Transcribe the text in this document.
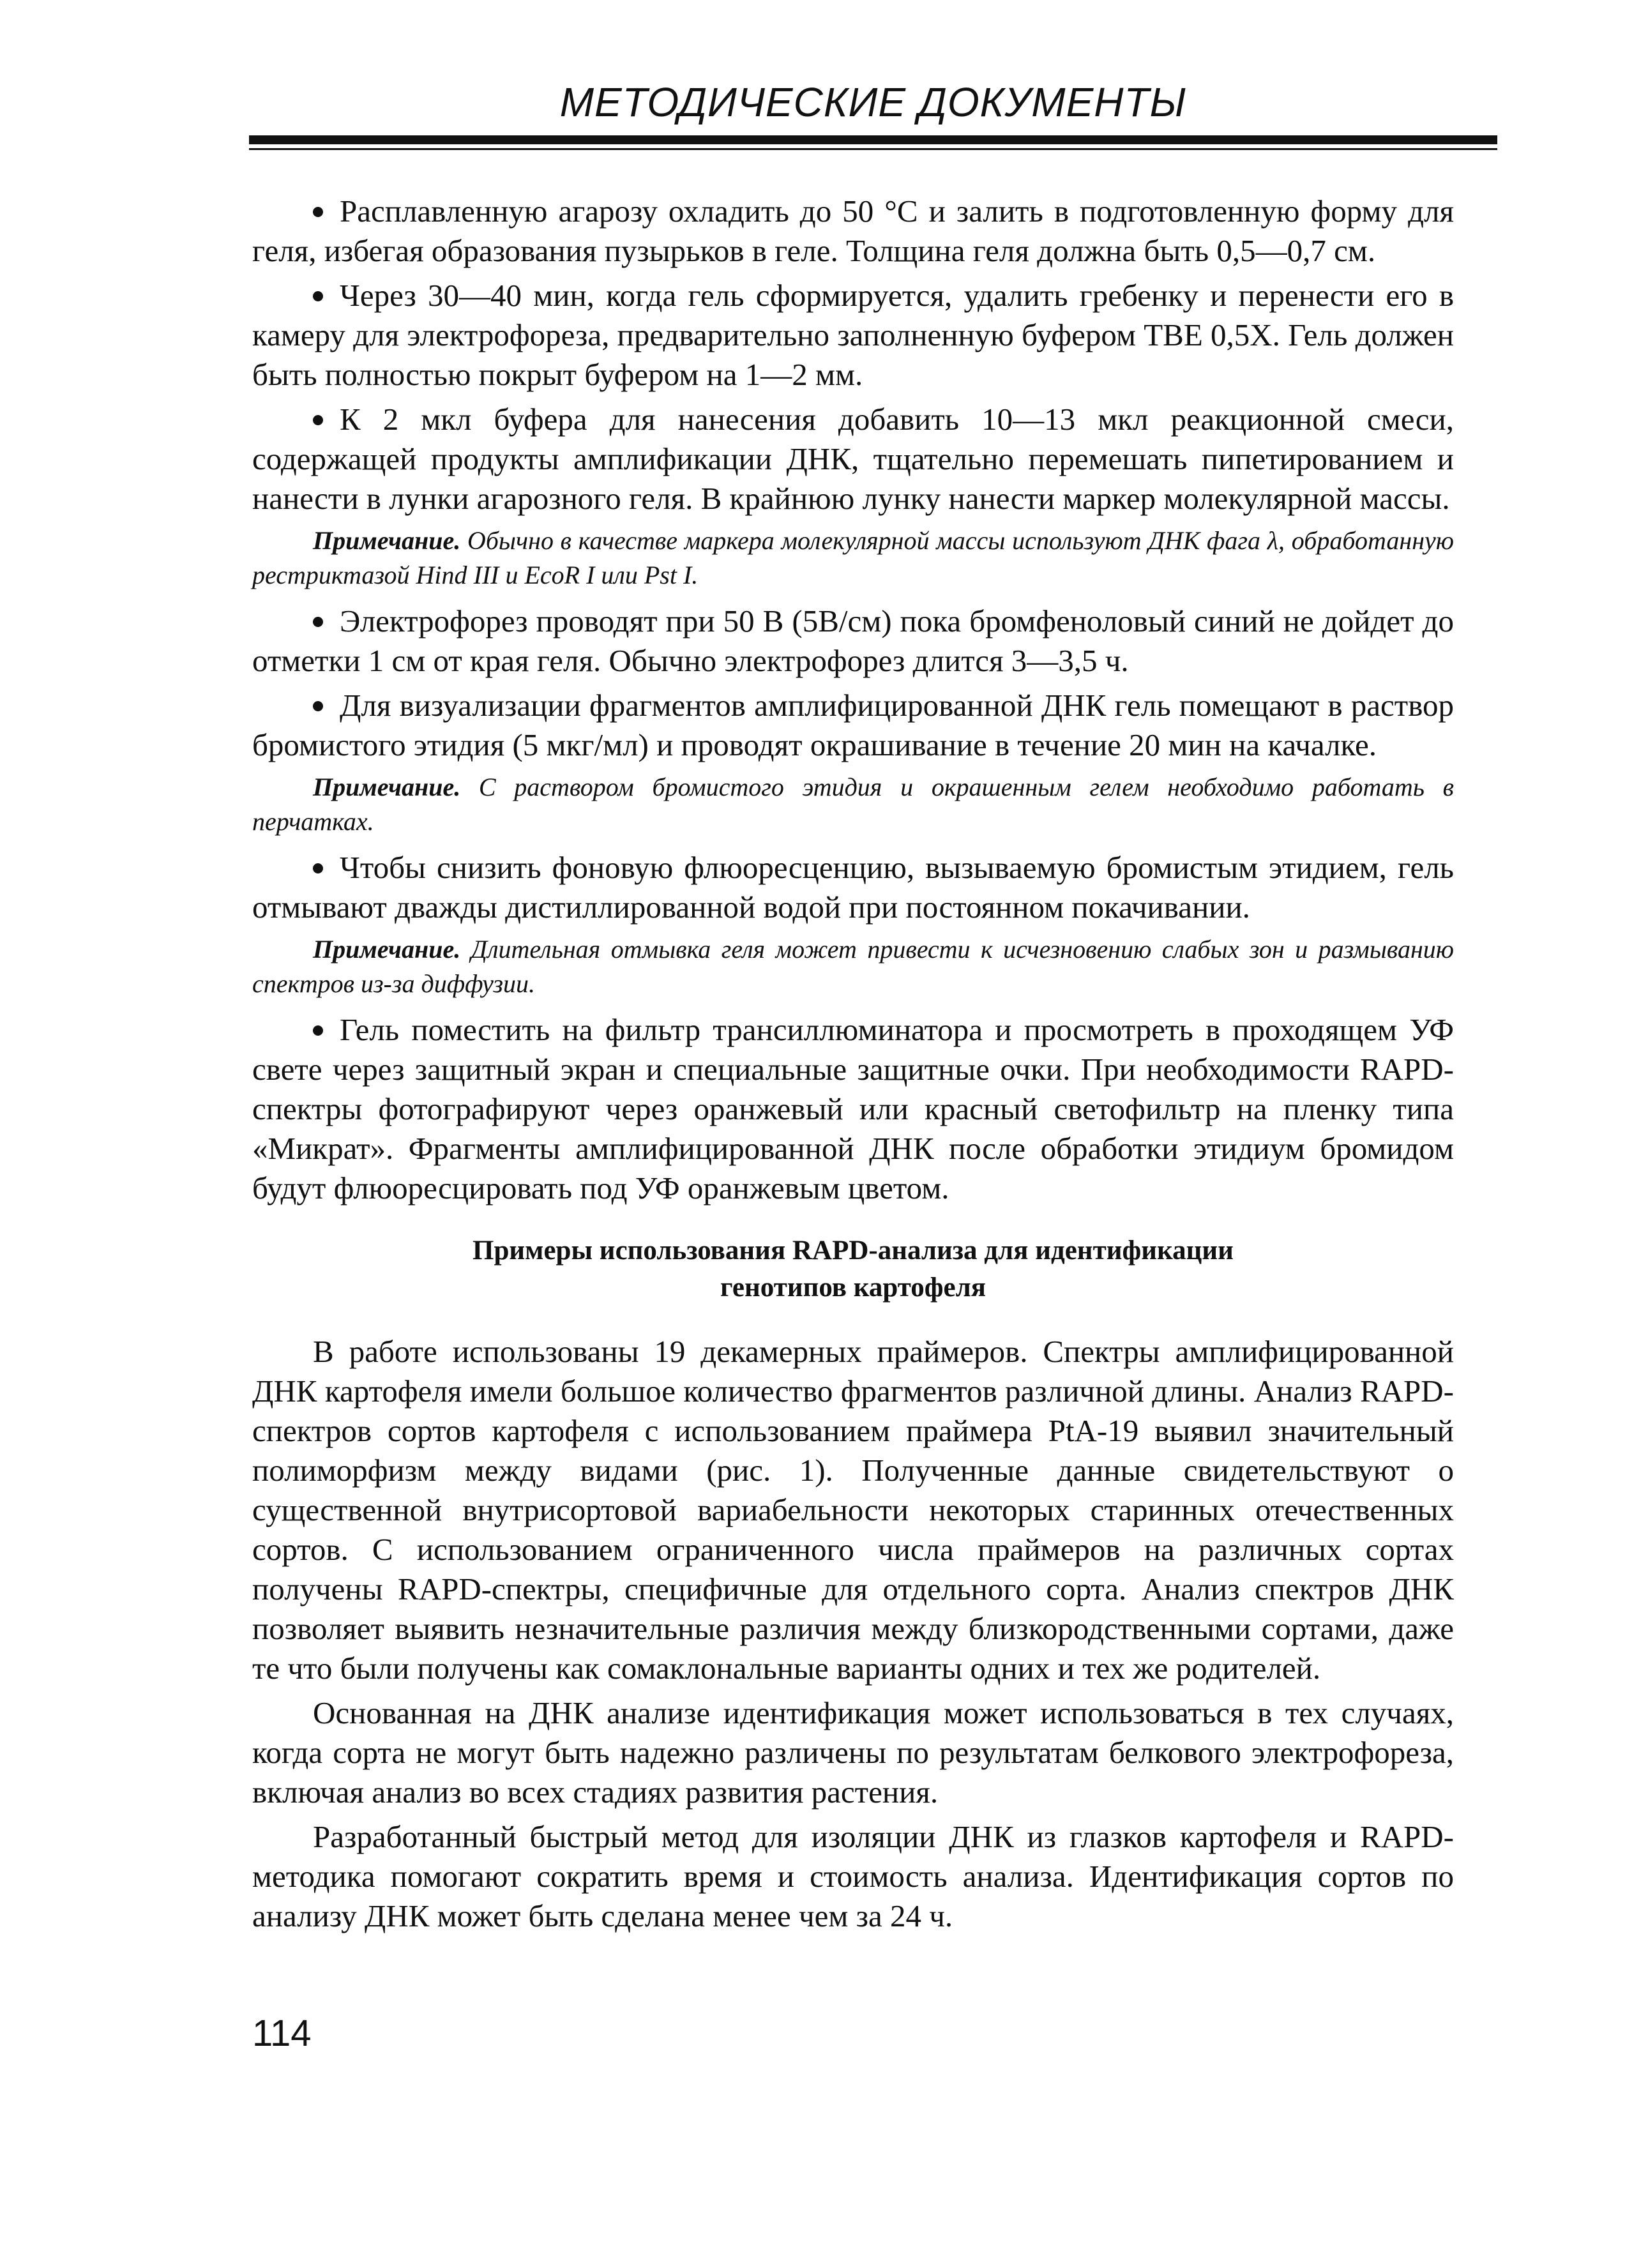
МЕТОДИЧЕСКИЕ ДОКУМЕНТЫ

Расплавленную агарозу охладить до 50 °С и залить в подготовленную форму для геля, избегая образования пузырьков в геле. Толщина геля должна быть 0,5—0,7 см.

Через 30—40 мин, когда гель сформируется, удалить гребенку и перенести его в камеру для электрофореза, предварительно заполненную буфером ТВЕ 0,5Х. Гель должен быть полностью покрыт буфером на 1—2 мм.

К 2 мкл буфера для нанесения добавить 10—13 мкл реакционной смеси, содержащей продукты амплификации ДНК, тщательно перемешать пипетированием и нанести в лунки агарозного геля. В крайнюю лунку нанести маркер молекулярной массы.

Примечание. Обычно в качестве маркера молекулярной массы используют ДНК фага λ, обработанную рестриктазой Hind III и EcoR I или Pst I.

Электрофорез проводят при 50 В (5В/см) пока бромфеноловый синий не дойдет до отметки 1 см от края геля. Обычно электрофорез длится 3—3,5 ч.

Для визуализации фрагментов амплифицированной ДНК гель помещают в раствор бромистого этидия (5 мкг/мл) и проводят окрашивание в течение 20 мин на качалке.

Примечание. С раствором бромистого этидия и окрашенным гелем необходимо работать в перчатках.

Чтобы снизить фоновую флюоресценцию, вызываемую бромистым этидием, гель отмывают дважды дистиллированной водой при постоянном покачивании.

Примечание. Длительная отмывка геля может привести к исчезновению слабых зон и размыванию спектров из-за диффузии.

Гель поместить на фильтр трансиллюминатора и просмотреть в проходящем УФ свете через защитный экран и специальные защитные очки. При необходимости RAPD-спектры фотографируют через оранжевый или красный светофильтр на пленку типа «Микрат». Фрагменты амплифицированной ДНК после обработки этидиум бромидом будут флюоресцировать под УФ оранжевым цветом.

Примеры использования RAPD-анализа для идентификации
генотипов картофеля

В работе использованы 19 декамерных праймеров. Спектры амплифицированной ДНК картофеля имели большое количество фрагментов различной длины. Анализ RAPD-спектров сортов картофеля с использованием праймера PtA-19 выявил значительный полиморфизм между видами (рис. 1). Полученные данные свидетельствуют о существенной внутрисортовой вариабельности некоторых старинных отечественных сортов. С использованием ограниченного числа праймеров на различных сортах получены RAPD-спектры, специфичные для отдельного сорта. Анализ спектров ДНК позволяет выявить незначительные различия между близкородственными сортами, даже те что были получены как сомаклональные варианты одних и тех же родителей.

Основанная на ДНК анализе идентификация может использоваться в тех случаях, когда сорта не могут быть надежно различены по результатам белкового электрофореза, включая анализ во всех стадиях развития растения.

Разработанный быстрый метод для изоляции ДНК из глазков картофеля и RAPD-методика помогают сократить время и стоимость анализа. Идентификация сортов по анализу ДНК может быть сделана менее чем за 24 ч.

114
